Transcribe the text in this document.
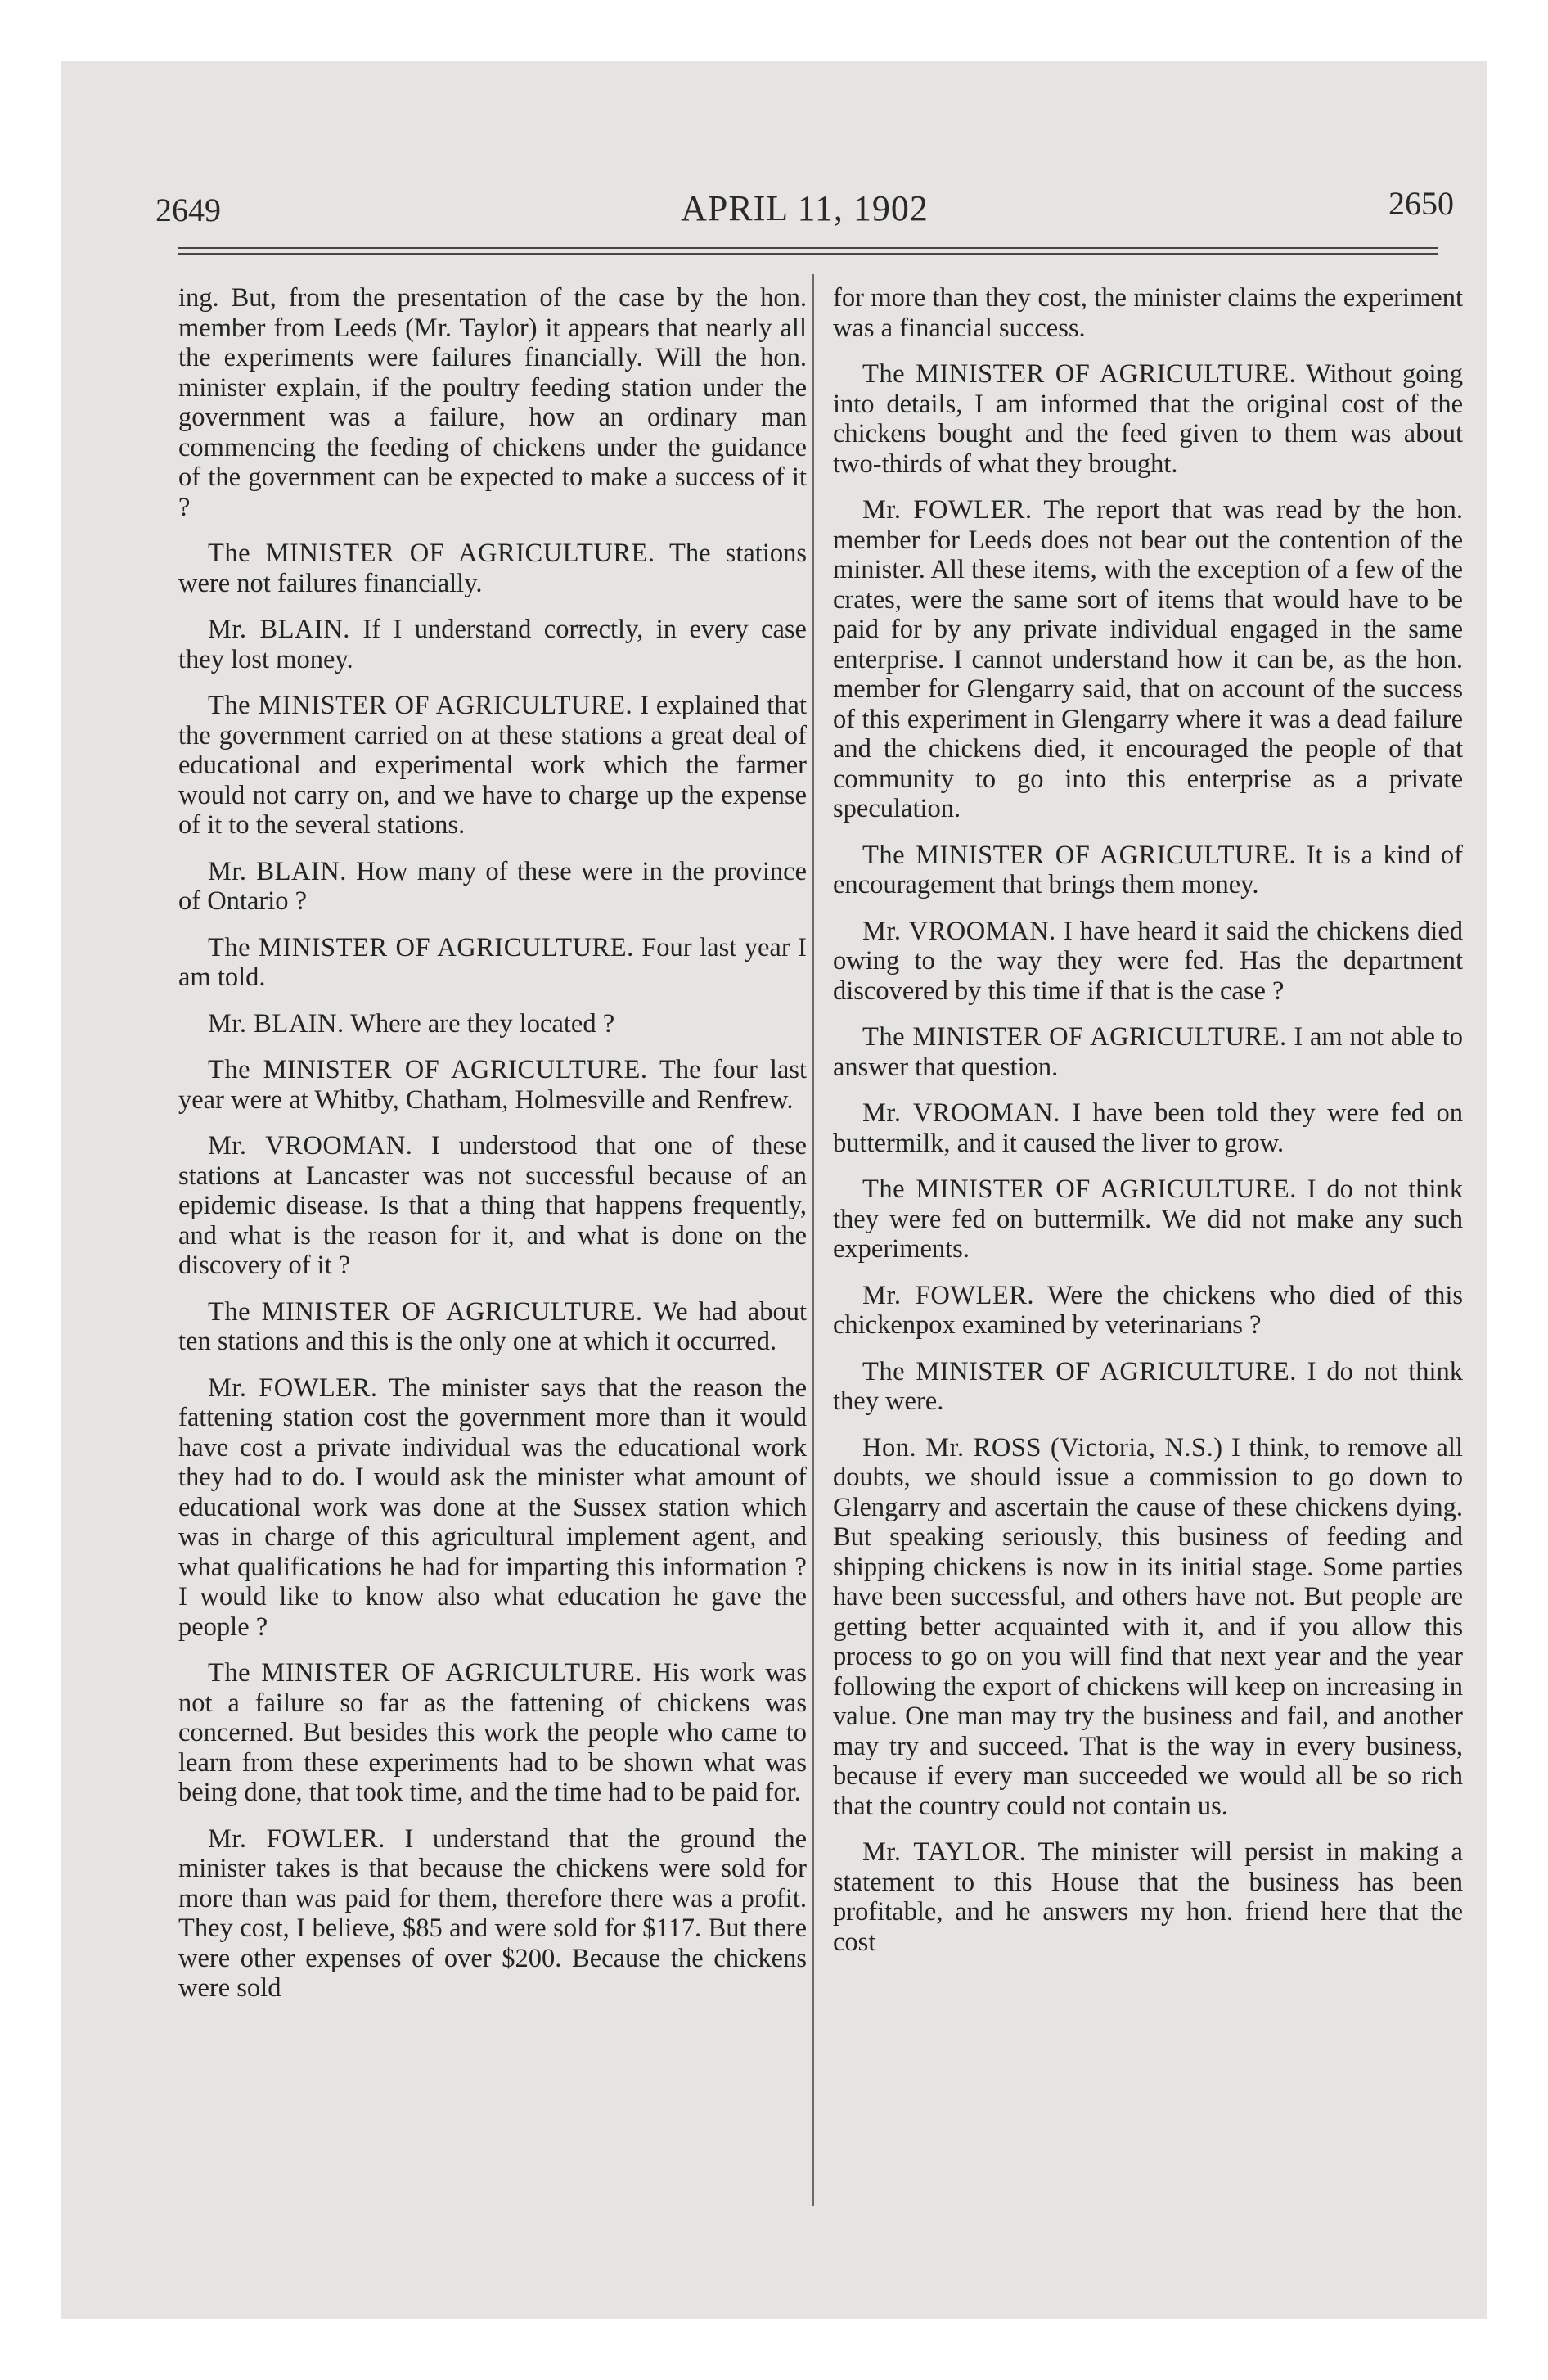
2649	APRIL 11, 1902	2650

ing. But, from the presentation of the case by the hon. member from Leeds (Mr. Taylor) it appears that nearly all the experiments were failures financially. Will the hon. minister explain, if the poultry feeding station under the government was a failure, how an ordinary man commencing the feeding of chickens under the guidance of the government can be expected to make a success of it ?

The MINISTER OF AGRICULTURE. The stations were not failures financially.

Mr. BLAIN. If I understand correctly, in every case they lost money.

The MINISTER OF AGRICULTURE. I explained that the government carried on at these stations a great deal of educational and experimental work which the farmer would not carry on, and we have to charge up the expense of it to the several stations.

Mr. BLAIN. How many of these were in the province of Ontario ?

The MINISTER OF AGRICULTURE. Four last year I am told.

Mr. BLAIN. Where are they located ?

The MINISTER OF AGRICULTURE. The four last year were at Whitby, Chatham, Holmesville and Renfrew.

Mr. VROOMAN. I understood that one of these stations at Lancaster was not successful because of an epidemic disease. Is that a thing that happens frequently, and what is the reason for it, and what is done on the discovery of it ?

The MINISTER OF AGRICULTURE. We had about ten stations and this is the only one at which it occurred.

Mr. FOWLER. The minister says that the reason the fattening station cost the government more than it would have cost a private individual was the educational work they had to do. I would ask the minister what amount of educational work was done at the Sussex station which was in charge of this agricultural implement agent, and what qualifications he had for imparting this information ? I would like to know also what education he gave the people ?

The MINISTER OF AGRICULTURE. His work was not a failure so far as the fattening of chickens was concerned. But besides this work the people who came to learn from these experiments had to be shown what was being done, that took time, and the time had to be paid for.

Mr. FOWLER. I understand that the ground the minister takes is that because the chickens were sold for more than was paid for them, therefore there was a profit. They cost, I believe, $85 and were sold for $117. But there were other expenses of over $200. Because the chickens were sold

for more than they cost, the minister claims the experiment was a financial success.

The MINISTER OF AGRICULTURE. Without going into details, I am informed that the original cost of the chickens bought and the feed given to them was about two-thirds of what they brought.

Mr. FOWLER. The report that was read by the hon. member for Leeds does not bear out the contention of the minister. All these items, with the exception of a few of the crates, were the same sort of items that would have to be paid for by any private individual engaged in the same enterprise. I cannot understand how it can be, as the hon. member for Glengarry said, that on account of the success of this experiment in Glengarry where it was a dead failure and the chickens died, it encouraged the people of that community to go into this enterprise as a private speculation.

The MINISTER OF AGRICULTURE. It is a kind of encouragement that brings them money.

Mr. VROOMAN. I have heard it said the chickens died owing to the way they were fed. Has the department discovered by this time if that is the case ?

The MINISTER OF AGRICULTURE. I am not able to answer that question.

Mr. VROOMAN. I have been told they were fed on buttermilk, and it caused the liver to grow.

The MINISTER OF AGRICULTURE. I do not think they were fed on buttermilk. We did not make any such experiments.

Mr. FOWLER. Were the chickens who died of this chickenpox examined by veterinarians ?

The MINISTER OF AGRICULTURE. I do not think they were.

Hon. Mr. ROSS (Victoria, N.S.) I think, to remove all doubts, we should issue a commission to go down to Glengarry and ascertain the cause of these chickens dying. But speaking seriously, this business of feeding and shipping chickens is now in its initial stage. Some parties have been successful, and others have not. But people are getting better acquainted with it, and if you allow this process to go on you will find that next year and the year following the export of chickens will keep on increasing in value. One man may try the business and fail, and another may try and succeed. That is the way in every business, because if every man succeeded we would all be so rich that the country could not contain us.

Mr. TAYLOR. The minister will persist in making a statement to this House that the business has been profitable, and he answers my hon. friend here that the cost
